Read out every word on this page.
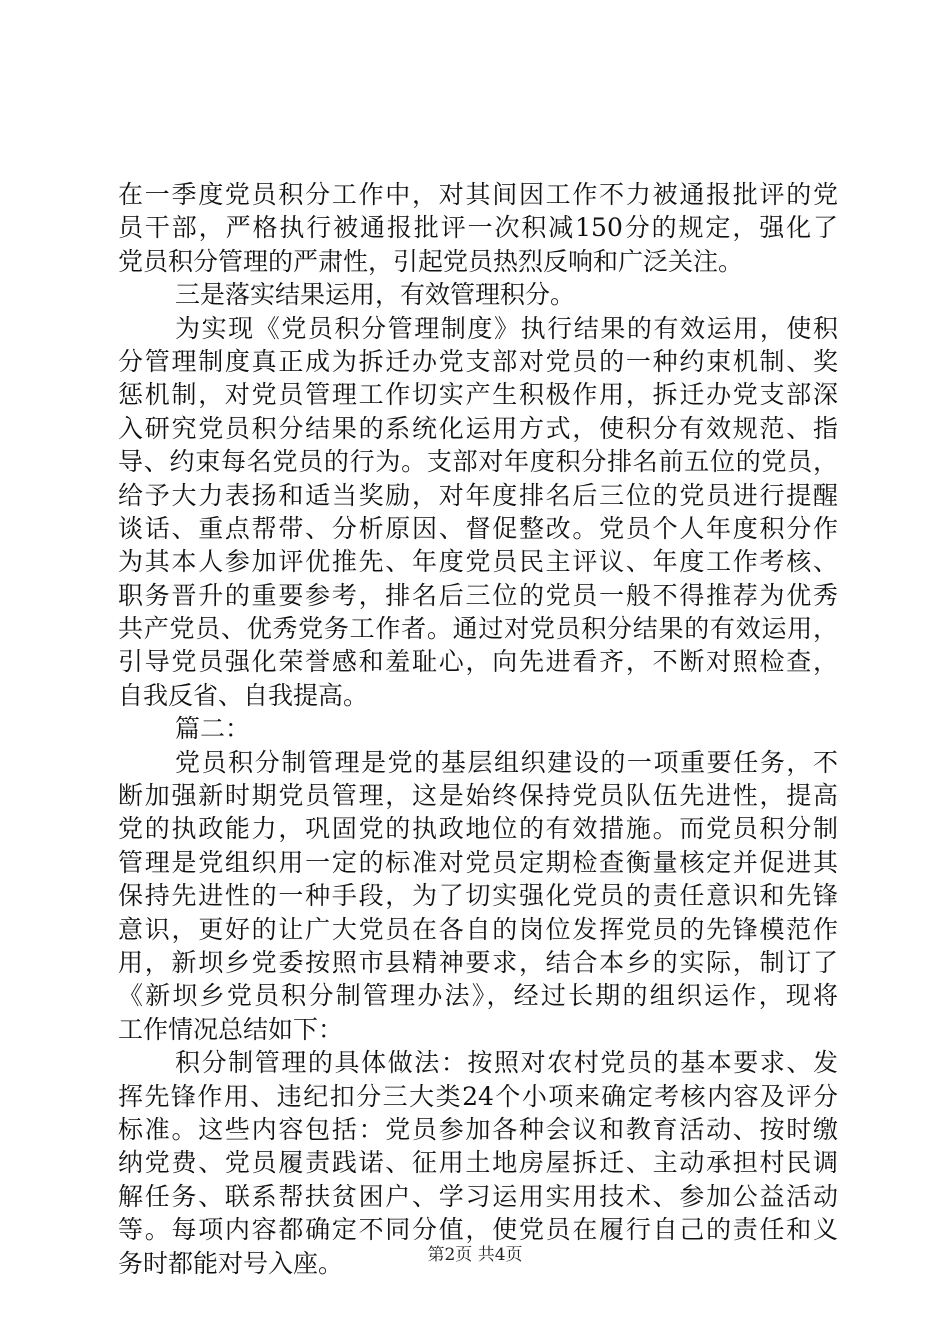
在一季度党员积分工作中，对其间因工作不力被通报批评的党
员干部，严格执行被通报批评一次积减150分的规定，强化了
党员积分管理的严肃性，引起党员热烈反响和广泛关注。
三是落实结果运用，有效管理积分。
为实现《党员积分管理制度》执行结果的有效运用，使积
分管理制度真正成为拆迁办党支部对党员的一种约束机制、奖
惩机制，对党员管理工作切实产生积极作用，拆迁办党支部深
入研究党员积分结果的系统化运用方式，使积分有效规范、指
导、约束每名党员的行为。支部对年度积分排名前五位的党员，
给予大力表扬和适当奖励，对年度排名后三位的党员进行提醒
谈话、重点帮带、分析原因、督促整改。党员个人年度积分作
为其本人参加评优推先、年度党员民主评议、年度工作考核、
职务晋升的重要参考，排名后三位的党员一般不得推荐为优秀
共产党员、优秀党务工作者。通过对党员积分结果的有效运用，
引导党员强化荣誉感和羞耻心，向先进看齐，不断对照检查，
自我反省、自我提高。
篇二：
党员积分制管理是党的基层组织建设的一项重要任务，不
断加强新时期党员管理，这是始终保持党员队伍先进性，提高
党的执政能力，巩固党的执政地位的有效措施。而党员积分制
管理是党组织用一定的标准对党员定期检查衡量核定并促进其
保持先进性的一种手段，为了切实强化党员的责任意识和先锋
意识，更好的让广大党员在各自的岗位发挥党员的先锋模范作
用，新坝乡党委按照市县精神要求，结合本乡的实际，制订了
《新坝乡党员积分制管理办法》，经过长期的组织运作，现将
工作情况总结如下：
积分制管理的具体做法：按照对农村党员的基本要求、发
挥先锋作用、违纪扣分三大类24个小项来确定考核内容及评分
标准。这些内容包括：党员参加各种会议和教育活动、按时缴
纳党费、党员履责践诺、征用土地房屋拆迁、主动承担村民调
解任务、联系帮扶贫困户、学习运用实用技术、参加公益活动
等。每项内容都确定不同分值，使党员在履行自己的责任和义
务时都能对号入座。	第2页 共4页
